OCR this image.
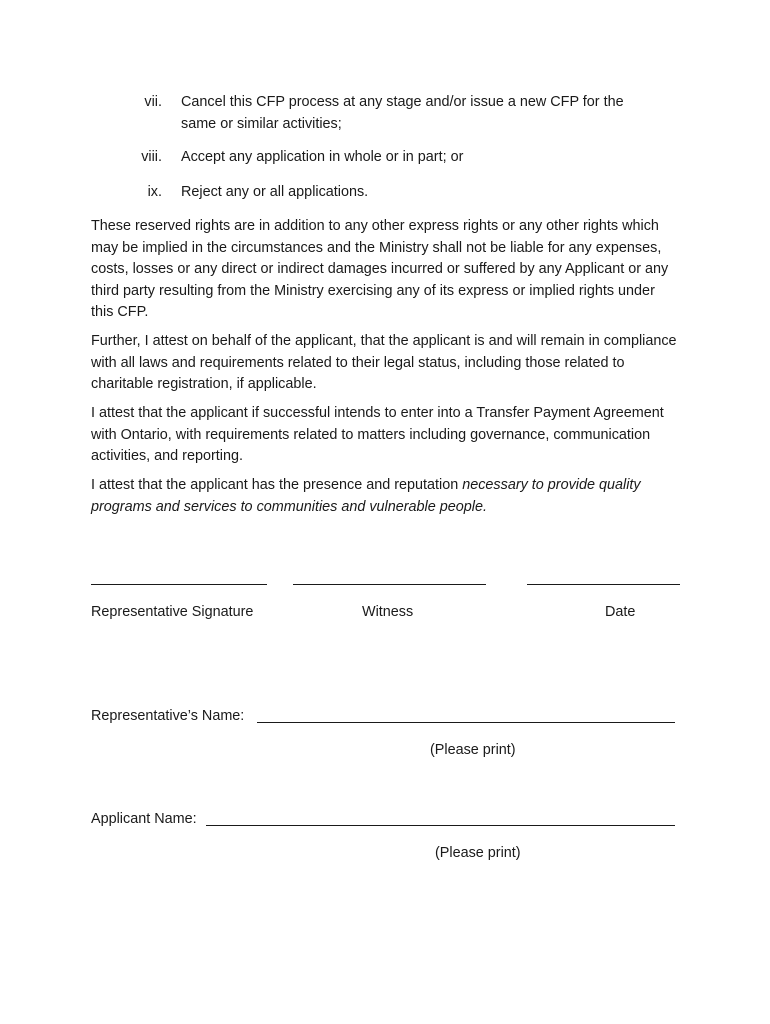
vii. Cancel this CFP process at any stage and/or issue a new CFP for the same or similar activities;
viii. Accept any application in whole or in part; or
ix. Reject any or all applications.

These reserved rights are in addition to any other express rights or any other rights which may be implied in the circumstances and the Ministry shall not be liable for any expenses, costs, losses or any direct or indirect damages incurred or suffered by any Applicant or any third party resulting from the Ministry exercising any of its express or implied rights under this CFP.

Further, I attest on behalf of the applicant, that the applicant is and will remain in compliance with all laws and requirements related to their legal status, including those related to charitable registration, if applicable.

I attest that the applicant if successful intends to enter into a Transfer Payment Agreement with Ontario, with requirements related to matters including governance, communication activities, and reporting.

I attest that the applicant has the presence and reputation necessary to provide quality programs and services to communities and vulnerable people.

Representative Signature	Witness	Date
Representative’s Name:
(Please print)
Applicant Name:
(Please print)
